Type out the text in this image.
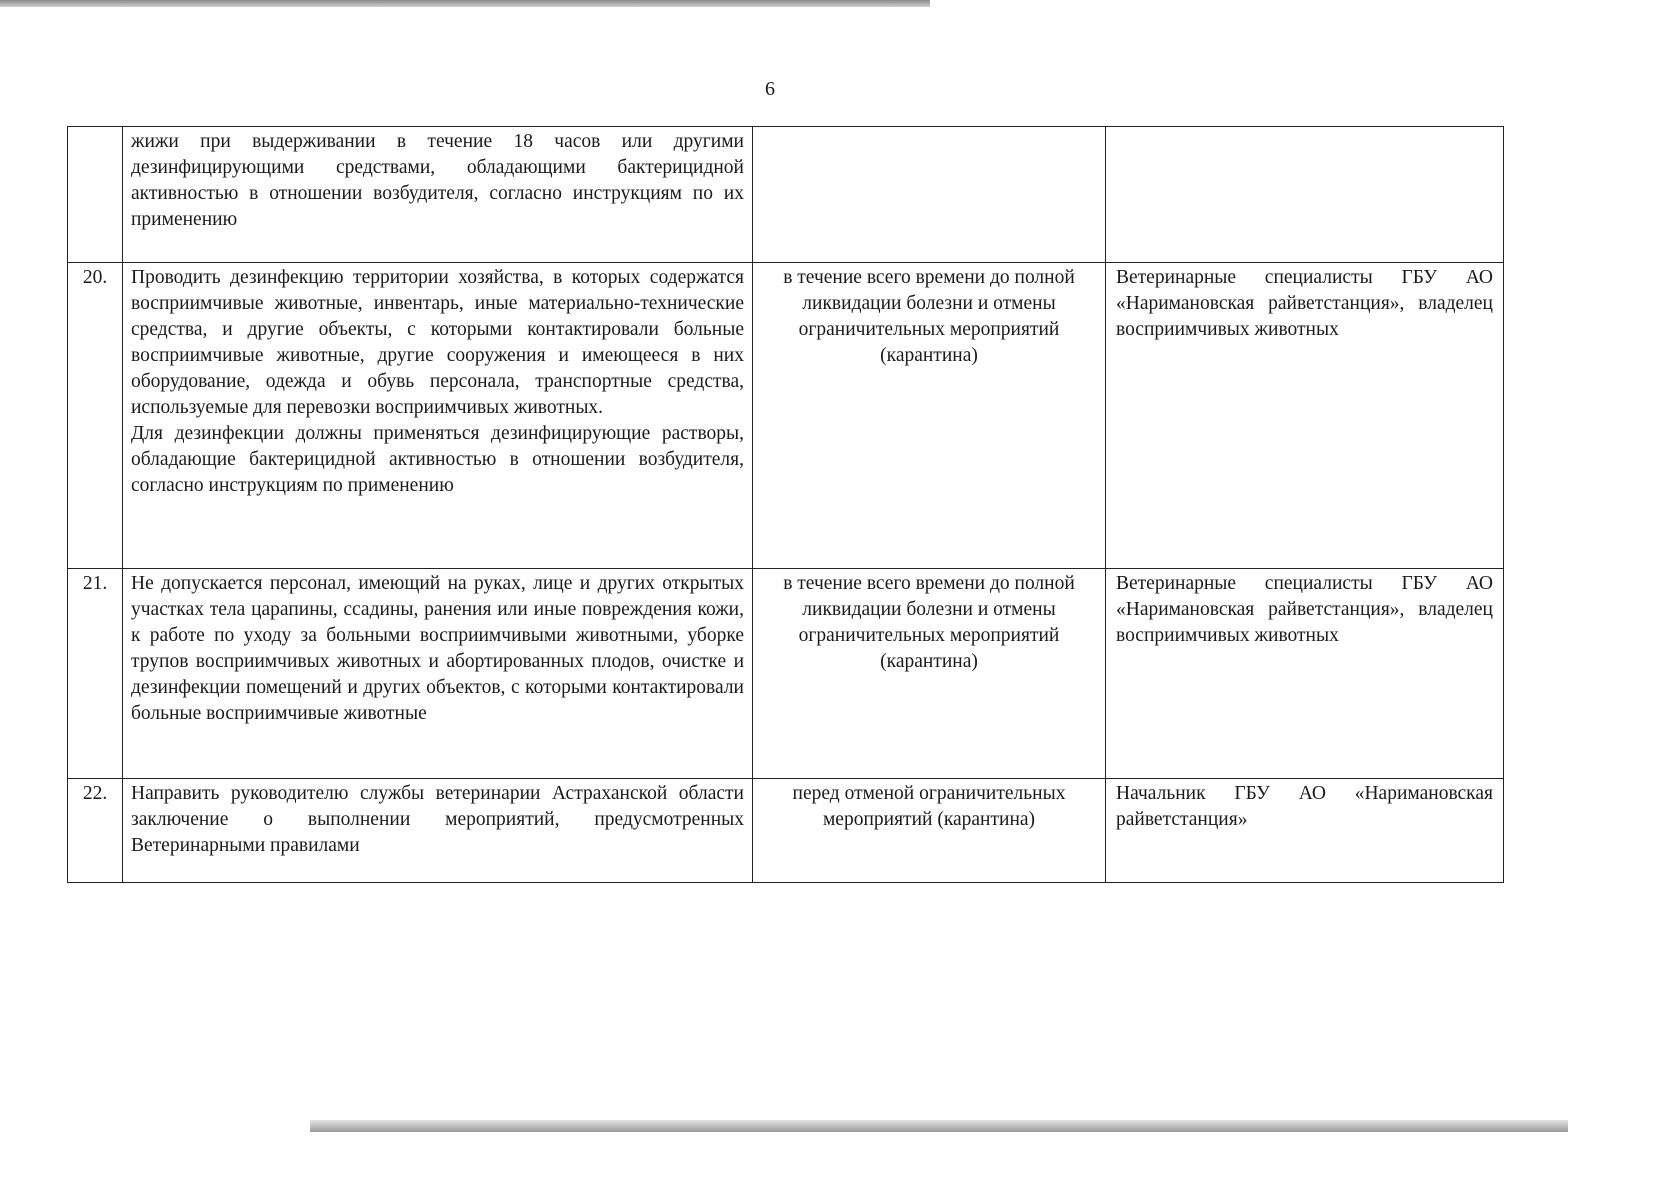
6
	жижи при выдерживании в течение 18 часов или другими дезинфицирующими средствами, обладающими бактерицидной активностью в отношении возбудителя, согласно инструкциям по их применению		
20.	Проводить дезинфекцию территории хозяйства, в которых содержатся восприимчивые животные, инвентарь, иные материально-технические средства, и другие объекты, с которыми контактировали больные восприимчивые животные, другие сооружения и имеющееся в них оборудование, одежда и обувь персонала, транспортные средства, используемые для перевозки восприимчивых животных.
Для дезинфекции должны применяться дезинфицирующие растворы, обладающие бактерицидной активностью в отношении возбудителя, согласно инструкциям по применению	в течение всего времени до полной ликвидации болезни и отмены ограничительных мероприятий (карантина)	Ветеринарные специалисты ГБУ АО «Наримановская райветстанция», владелец восприимчивых животных
21.	Не допускается персонал, имеющий на руках, лице и других открытых участках тела царапины, ссадины, ранения или иные повреждения кожи, к работе по уходу за больными восприимчивыми животными, уборке трупов восприимчивых животных и абортированных плодов, очистке и дезинфекции помещений и других объектов, с которыми контактировали больные восприимчивые животные	в течение всего времени до полной ликвидации болезни и отмены ограничительных мероприятий (карантина)	Ветеринарные специалисты ГБУ АО «Наримановская райветстанция», владелец восприимчивых животных
22.	Направить руководителю службы ветеринарии Астраханской области заключение о выполнении мероприятий, предусмотренных Ветеринарными правилами	перед отменой ограничительных мероприятий (карантина)	Начальник ГБУ АО «Наримановская райветстанция»
